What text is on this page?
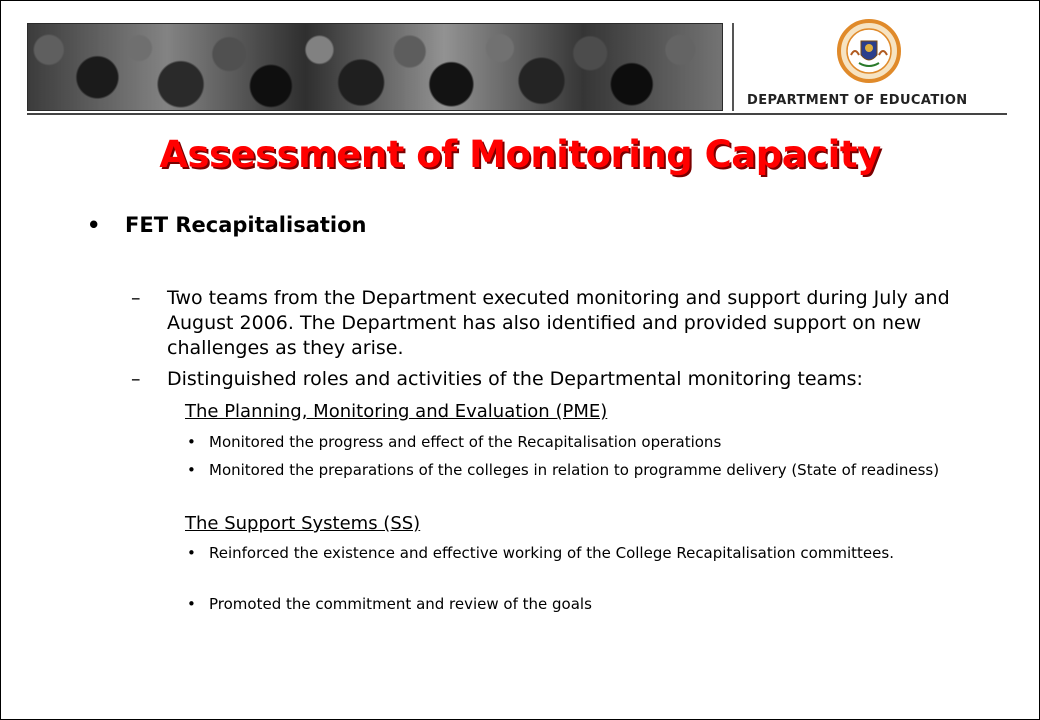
DEPARTMENT OF EDUCATION
Assessment of Monitoring Capacity
• FET Recapitalisation
– Two teams from the Department executed monitoring and support during July and August 2006. The Department has also identified and provided support on new challenges as they arise.
– Distinguished roles and activities of the Departmental monitoring teams:
The Planning, Monitoring and Evaluation (PME)
• Monitored the progress and effect of the Recapitalisation operations
• Monitored the preparations of the colleges in relation to programme delivery (State of readiness)
The Support Systems (SS)
• Reinforced the existence and effective working of the College Recapitalisation committees.
• Promoted the commitment and review of the goals
